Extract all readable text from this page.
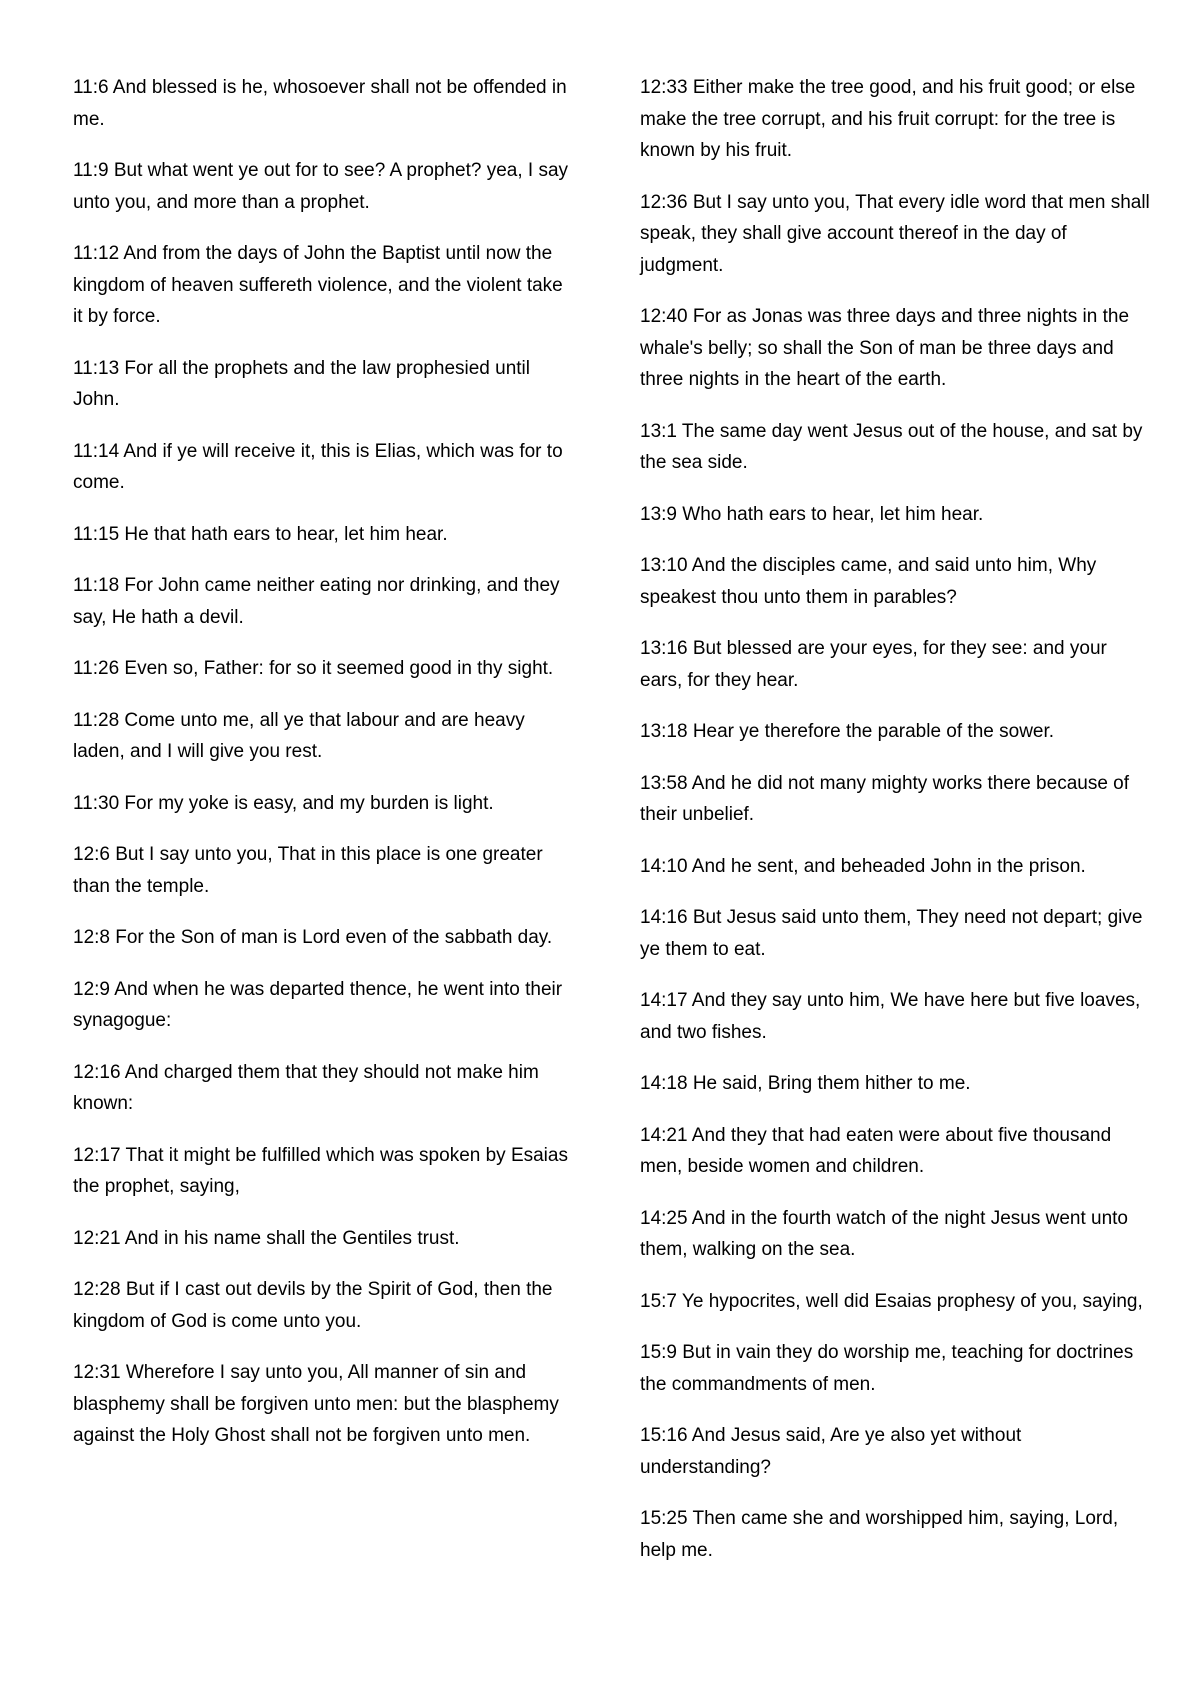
11:6 And blessed is he, whosoever shall not be offended in me.

11:9 But what went ye out for to see? A prophet? yea, I say unto you, and more than a prophet.

11:12 And from the days of John the Baptist until now the kingdom of heaven suffereth violence, and the violent take it by force.

11:13 For all the prophets and the law prophesied until John.

11:14 And if ye will receive it, this is Elias, which was for to come.

11:15 He that hath ears to hear, let him hear.

11:18 For John came neither eating nor drinking, and they say, He hath a devil.

11:26 Even so, Father: for so it seemed good in thy sight.

11:28 Come unto me, all ye that labour and are heavy laden, and I will give you rest.

11:30 For my yoke is easy, and my burden is light.

12:6 But I say unto you, That in this place is one greater than the temple.

12:8 For the Son of man is Lord even of the sabbath day.

12:9 And when he was departed thence, he went into their synagogue:

12:16 And charged them that they should not make him known:

12:17 That it might be fulfilled which was spoken by Esaias the prophet, saying,

12:21 And in his name shall the Gentiles trust.

12:28 But if I cast out devils by the Spirit of God, then the kingdom of God is come unto you.

12:31 Wherefore I say unto you, All manner of sin and blasphemy shall be forgiven unto men: but the blasphemy against the Holy Ghost shall not be forgiven unto men.

12:33 Either make the tree good, and his fruit good; or else make the tree corrupt, and his fruit corrupt: for the tree is known by his fruit.

12:36 But I say unto you, That every idle word that men shall speak, they shall give account thereof in the day of judgment.

12:40 For as Jonas was three days and three nights in the whale's belly; so shall the Son of man be three days and three nights in the heart of the earth.

13:1 The same day went Jesus out of the house, and sat by the sea side.

13:9 Who hath ears to hear, let him hear.

13:10 And the disciples came, and said unto him, Why speakest thou unto them in parables?

13:16 But blessed are your eyes, for they see: and your ears, for they hear.

13:18 Hear ye therefore the parable of the sower.

13:58 And he did not many mighty works there because of their unbelief.

14:10 And he sent, and beheaded John in the prison.

14:16 But Jesus said unto them, They need not depart; give ye them to eat.

14:17 And they say unto him, We have here but five loaves, and two fishes.

14:18 He said, Bring them hither to me.

14:21 And they that had eaten were about five thousand men, beside women and children.

14:25 And in the fourth watch of the night Jesus went unto them, walking on the sea.

15:7 Ye hypocrites, well did Esaias prophesy of you, saying,

15:9 But in vain they do worship me, teaching for doctrines the commandments of men.

15:16 And Jesus said, Are ye also yet without understanding?

15:25 Then came she and worshipped him, saying, Lord, help me.
